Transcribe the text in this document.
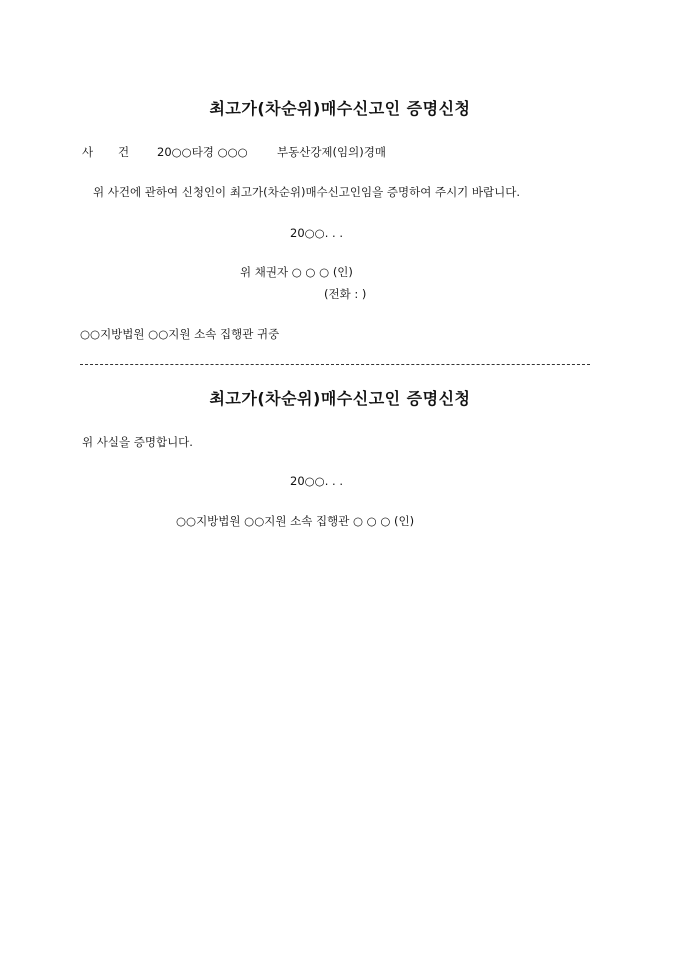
최고가(차순위)매수신고인 증명신청
사 건 20○○타경 ○○○	부동산강제(임의)경매
위 사건에 관하여 신청인이 최고가(차순위)매수신고인임을 증명하여 주시기 바랍니다.
20○○. . .
위 채권자 ○ ○ ○ (인)
(전화 : )
○○지방법원 ○○지원 소속 집행관 귀중
최고가(차순위)매수신고인 증명신청
위 사실을 증명합니다.
20○○. . .
○○지방법원 ○○지원 소속 집행관 ○ ○ ○ (인)
